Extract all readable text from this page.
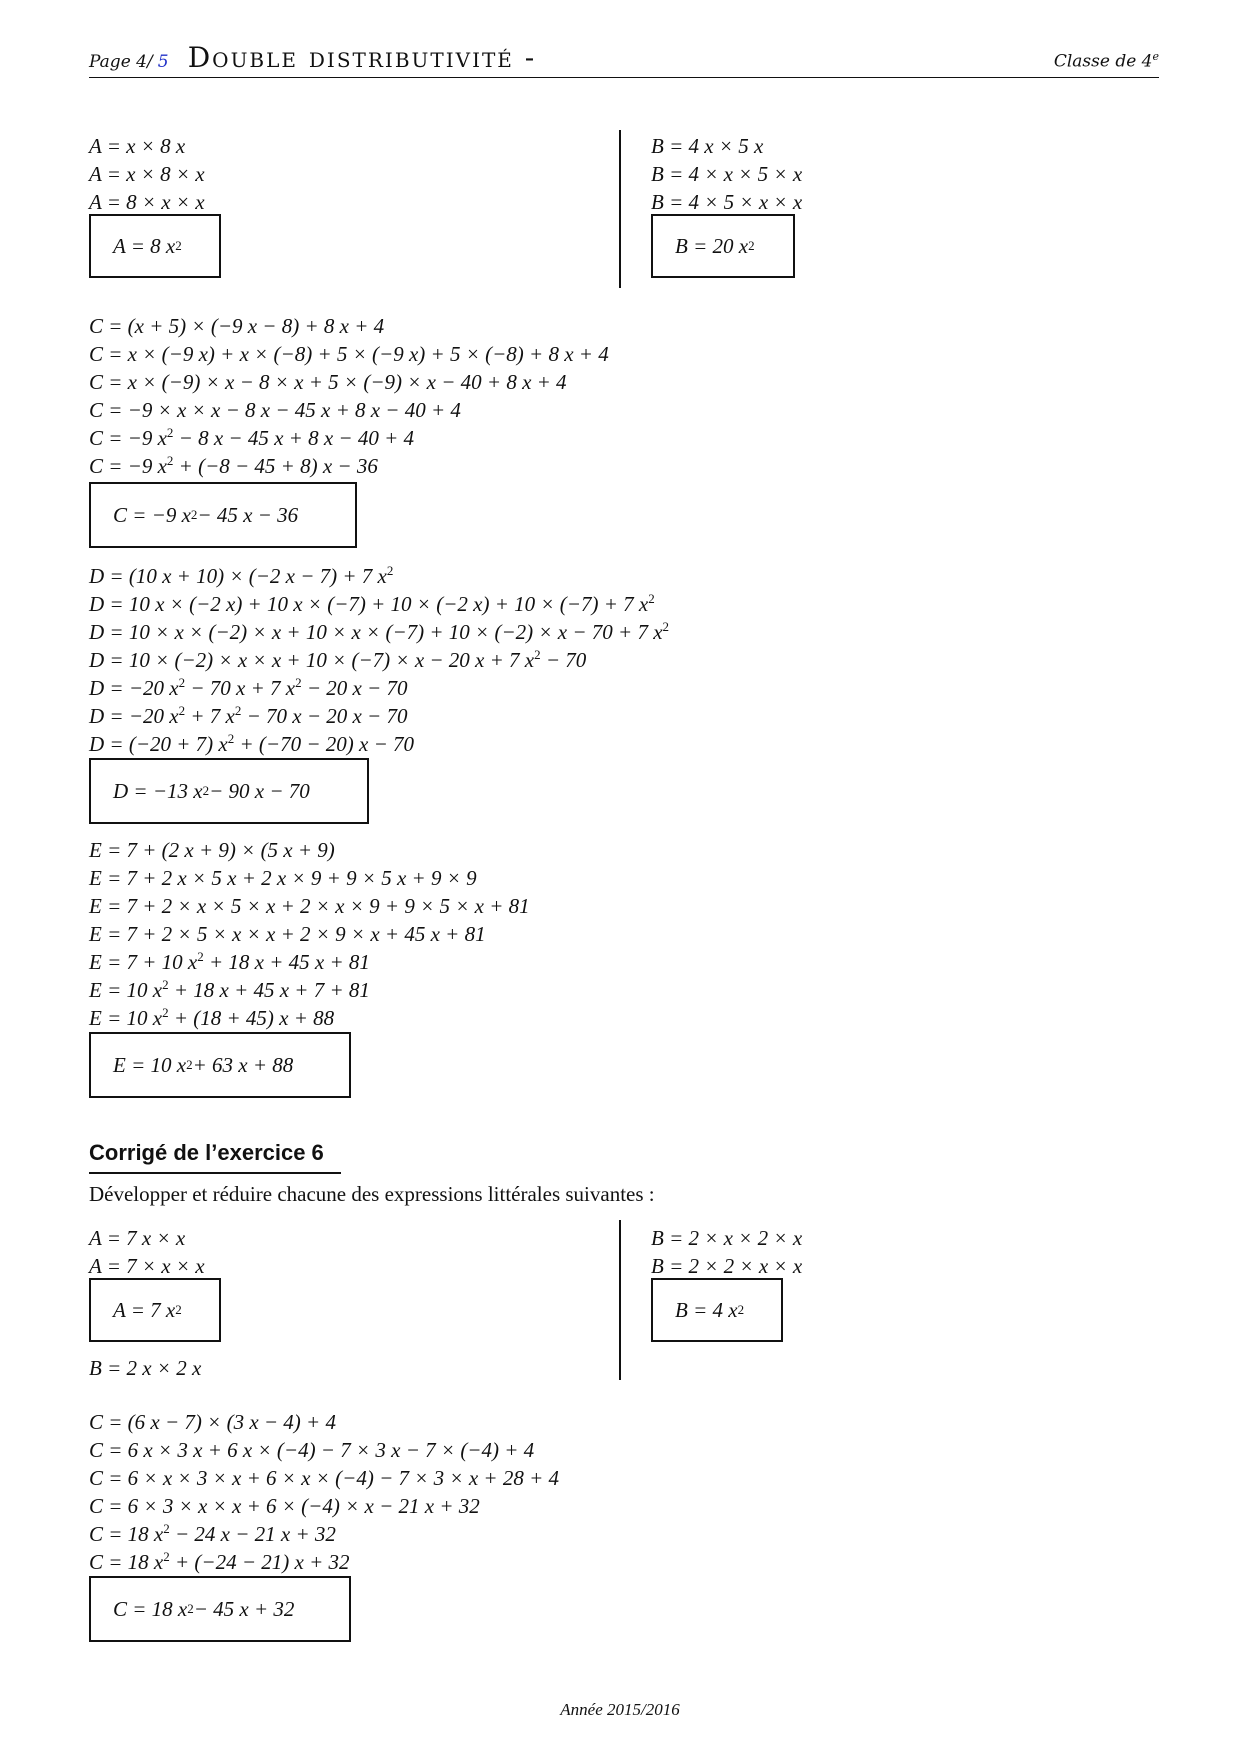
Page 4/ 5 Double distributivité -	Classe de 4e
A = x × 8 x
A = x × 8 × x
A = 8 × x × x
A = 8 x 2
B = 4 x × 5 x
B = 4 × x × 5 × x
B = 4 × 5 × x × x
B = 20 x 2
C = (x + 5) × (−9 x − 8) + 8 x + 4
C = x × (−9 x) + x × (−8) + 5 × (−9 x) + 5 × (−8) + 8 x + 4
C = x × (−9) × x − 8 × x + 5 × (−9) × x − 40 + 8 x + 4
C = −9 × x × x − 8 x − 45 x + 8 x − 40 + 4
C = −9 $x^2 - 8$ x − 45 x + 8 x − 40 + 4
C = −9 $x^2 + (-8 - 45 + 8) x - 36$
C = −9 x 2 − 45 x − 36
D = (10 x + 10) × (−2 x − 7) + 7 $x^2$
D = 10 x × (−2 x) + 10 x × (−7) + 10 × (−2 x) + 10 × (−7) + 7 $x^2$
D = 10 × x × (−2) × x + 10 × x × (−7) + 10 × (−2) × x − 70 + 7 $x^2$
D = 10 × (−2) × x × x + 10 × (−7) × x − 20 x + 7 $x^2 - 70$
D = −20 $x^2 - 70$ x + 7 $x^2 - 20$ x − 70
D = −20 $x^2 + 7$ $x^2 - 70$ x − 20 x − 70
D = (−20 + 7) $x^2 + (-70 - 20) x - 70$
D = −13 x 2 − 90 x − 70
E = 7 + (2 x + 9) × (5 x + 9)
E = 7 + 2 x × 5 x + 2 x × 9 + 9 × 5 x + 9 × 9
E = 7 + 2 × x × 5 × x + 2 × x × 9 + 9 × 5 × x + 81
E = 7 + 2 × 5 × x × x + 2 × 9 × x + 45 x + 81
E = 7 + 10 $x^2 + 18$ x + 45 x + 81
E = 10 $x^2 + 18$ x + 45 x + 7 + 81
E = 10 $x^2 + (18 + 45) x + 88$
E = 10 x 2 + 63 x + 88
Corrigé de l’exercice 6
Développer et réduire chacune des expressions littérales suivantes :
A = 7 x × x
A = 7 × x × x
A = 7 x 2
B = 2 x × 2 x
B = 2 × x × 2 × x
B = 2 × 2 × x × x
B = 4 x 2
C = (6 x − 7) × (3 x − 4) + 4
C = 6 x × 3 x + 6 x × (−4) − 7 × 3 x − 7 × (−4) + 4
C = 6 × x × 3 × x + 6 × x × (−4) − 7 × 3 × x + 28 + 4
C = 6 × 3 × x × x + 6 × (−4) × x − 21 x + 32
C = 18 $x^2 - 24$ x − 21 x + 32
C = 18 $x^2 + (-24 - 21) x + 32$
C = 18 x 2 − 45 x + 32
Année 2015/2016
